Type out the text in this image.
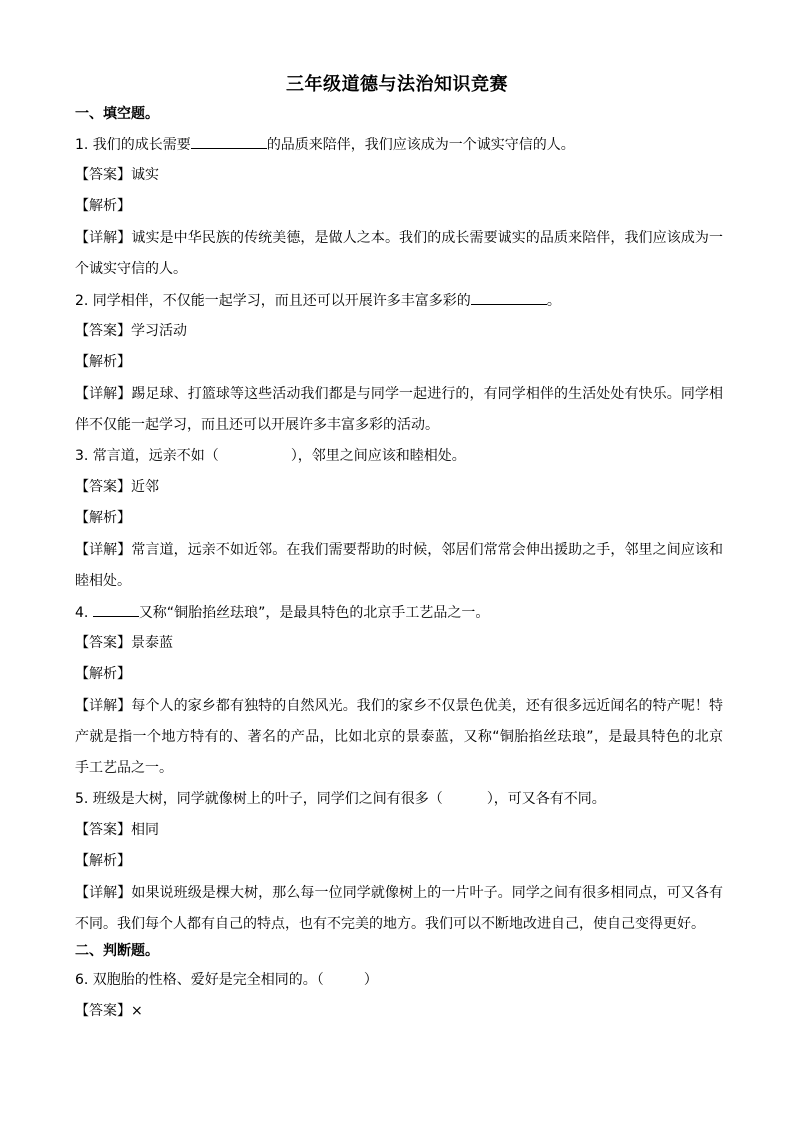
三年级道德与法治知识竞赛
一、填空题。
1. 我们的成长需要	的品质来陪伴，我们应该成为一个诚实守信的人。
【答案】诚实
【解析】
【详解】诚实是中华民族的传统美德，是做人之本。我们的成长需要诚实的品质来陪伴，我们应该成为一
个诚实守信的人。
2. 同学相伴，不仅能一起学习，而且还可以开展许多丰富多彩的	。
【答案】学习活动
【解析】
【详解】踢足球、打篮球等这些活动我们都是与同学一起进行的，有同学相伴的生活处处有快乐。同学相
伴不仅能一起学习，而且还可以开展许多丰富多彩的活动。
3. 常言道，远亲不如（	），邻里之间应该和睦相处。
【答案】近邻
【解析】
【详解】常言道，远亲不如近邻。在我们需要帮助的时候，邻居们常常会伸出援助之手，邻里之间应该和
睦相处。
4.	又称“铜胎掐丝珐琅”，是最具特色的北京手工艺品之一。
【答案】景泰蓝
【解析】
【详解】每个人的家乡都有独特的自然风光。我们的家乡不仅景色优美，还有很多远近闻名的特产呢！特
产就是指一个地方特有的、著名的产品，比如北京的景泰蓝，又称“铜胎掐丝珐琅”，是最具特色的北京
手工艺品之一。
5. 班级是大树，同学就像树上的叶子，同学们之间有很多（	），可又各有不同。
【答案】相同
【解析】
【详解】如果说班级是棵大树，那么每一位同学就像树上的一片叶子。同学之间有很多相同点，可又各有
不同。我们每个人都有自己的特点，也有不完美的地方。我们可以不断地改进自己，使自己变得更好。
二、判断题。
6. 双胞胎的性格、爱好是完全相同的。（	）
【答案】×
